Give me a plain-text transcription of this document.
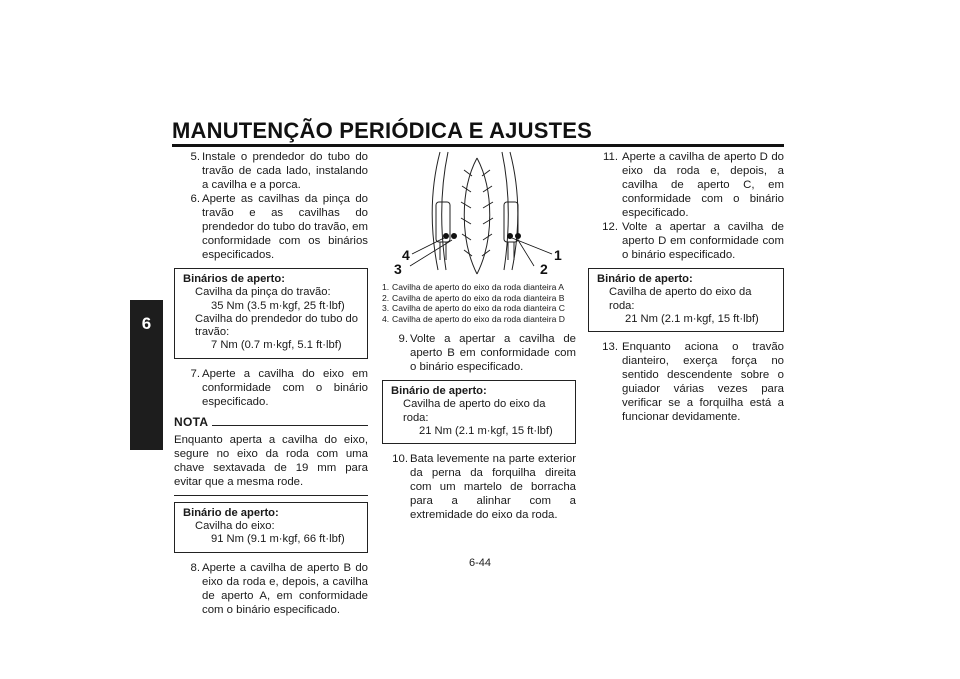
MANUTENÇÃO PERIÓDICA E AJUSTES
6

5. Instale o prendedor do tubo do travão de cada lado, instalando a cavilha e a porca.

6. Aperte as cavilhas da pinça do travão e as cavilhas do prendedor do tubo do travão, em conformidade com os binários especificados.

Binários de aperto:
Cavilha da pinça do travão:
35 Nm (3.5 m·kgf, 25 ft·lbf)
Cavilha do prendedor do tubo do travão:
7 Nm (0.7 m·kgf, 5.1 ft·lbf)

7. Aperte a cavilha do eixo em conformidade com o binário especificado.

NOTA
Enquanto aperta a cavilha do eixo, segure no eixo da roda com uma chave sextavada de 19 mm para evitar que a mesma rode.
Binário de aperto:
Cavilha do eixo:
91 Nm (9.1 m·kgf, 66 ft·lbf)

8. Aperte a cavilha de aperto B do eixo da roda e, depois, a cavilha de aperto A, em conformidade com o binário especificado.

4
3
1
2
1. Cavilha de aperto do eixo da roda dianteira A
2. Cavilha de aperto do eixo da roda dianteira B
3. Cavilha de aperto do eixo da roda dianteira C
4. Cavilha de aperto do eixo da roda dianteira D

9. Volte a apertar a cavilha de aperto B em conformidade com o binário especificado.

Binário de aperto:
Cavilha de aperto do eixo da roda:
21 Nm (2.1 m·kgf, 15 ft·lbf)

10. Bata levemente na parte exterior da perna da forquilha direita com um martelo de borracha para a alinhar com a extremidade do eixo da roda.

11. Aperte a cavilha de aperto D do eixo da roda e, depois, a cavilha de aperto C, em conformidade com o binário especificado.

12. Volte a apertar a cavilha de aperto D em conformidade com o binário especificado.

Binário de aperto:
Cavilha de aperto do eixo da roda:
21 Nm (2.1 m·kgf, 15 ft·lbf)

13. Enquanto aciona o travão dianteiro, exerça força no sentido descendente sobre o guiador várias vezes para verificar se a forquilha está a funcionar devidamente.

6-44
